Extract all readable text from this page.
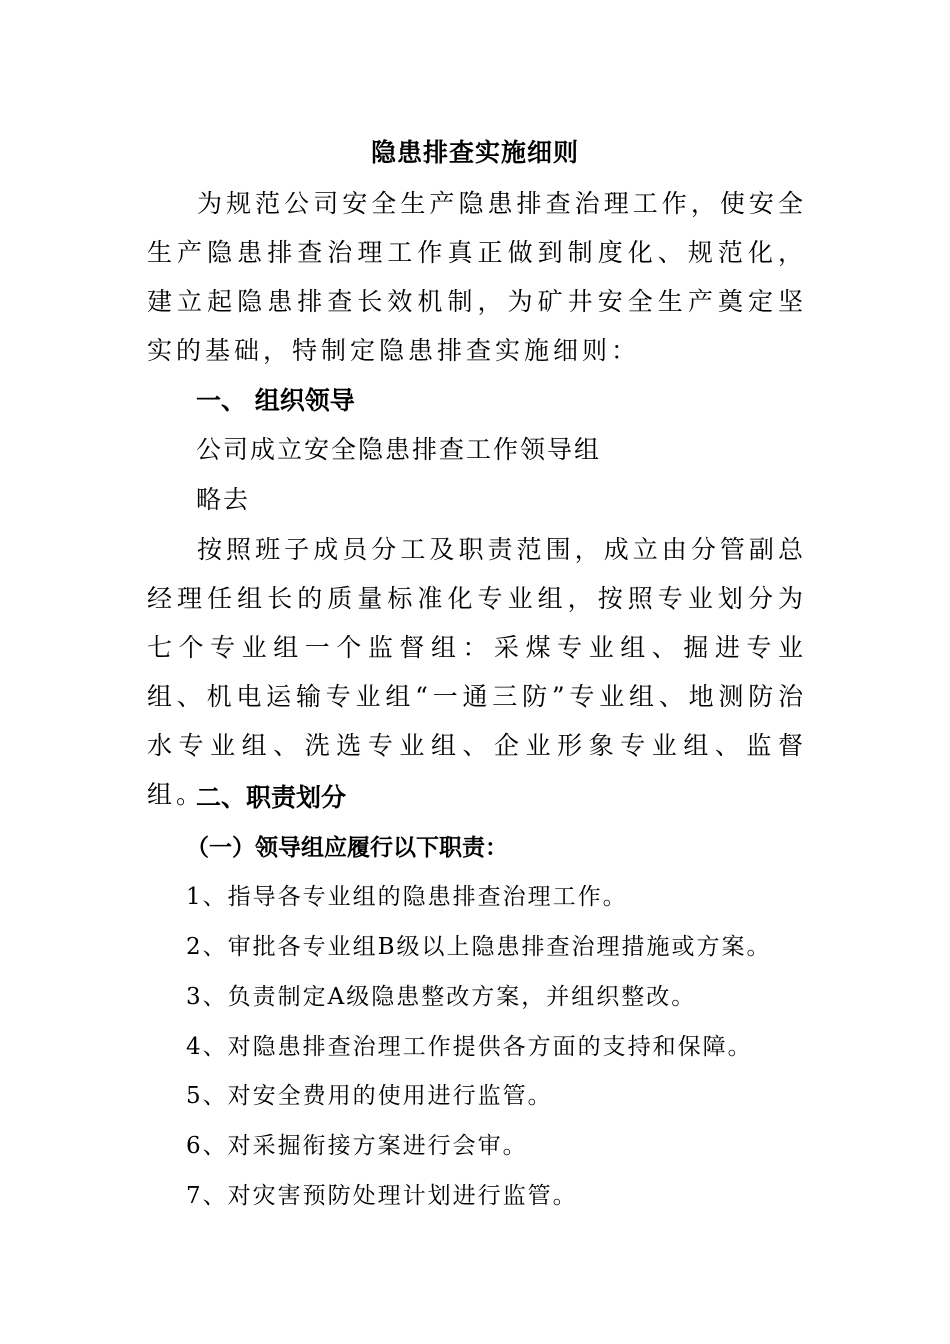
隐患排查实施细则
为规范公司安全生产隐患排查治理工作，使安全生产隐患排查治理工作真正做到制度化、规范化，建立起隐患排查长效机制，为矿井安全生产奠定坚实的基础，特制定隐患排查实施细则：
一、 组织领导
公司成立安全隐患排查工作领导组
略去
按照班子成员分工及职责范围，成立由分管副总经理任组长的质量标准化专业组，按照专业划分为七个专业组一个监督组：采煤专业组、掘进专业组、机电运输专业组“一通三防”专业组、地测防治水专业组、洗选专业组、企业形象专业组、监督组。
二、职责划分
（一）领导组应履行以下职责：
1、指导各专业组的隐患排查治理工作。
2、审批各专业组B级以上隐患排查治理措施或方案。
3、负责制定A级隐患整改方案，并组织整改。
4、对隐患排查治理工作提供各方面的支持和保障。
5、对安全费用的使用进行监管。
6、对采掘衔接方案进行会审。
7、对灾害预防处理计划进行监管。
